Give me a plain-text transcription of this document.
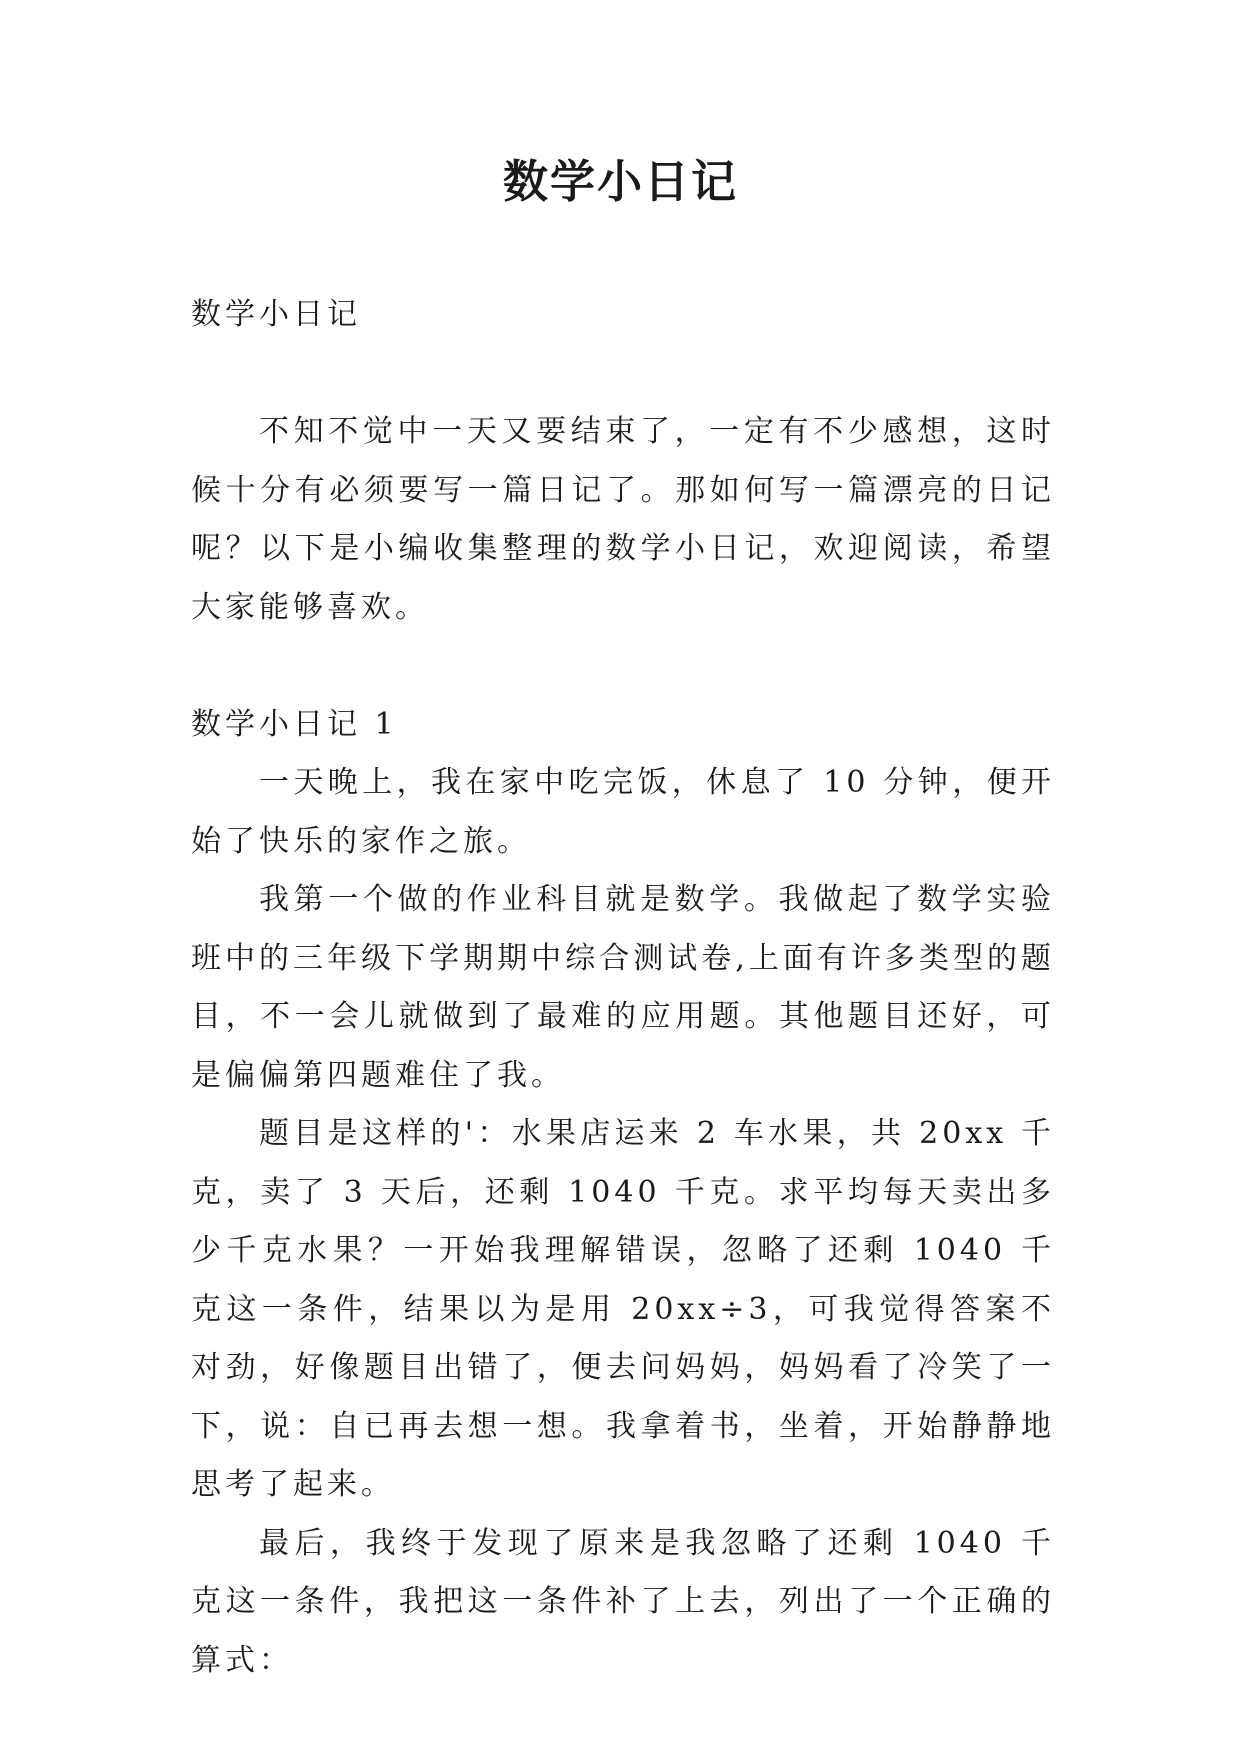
数学小日记

数学小日记

不知不觉中一天又要结束了，一定有不少感想，这时候十分有必须要写一篇日记了。那如何写一篇漂亮的日记呢？以下是小编收集整理的数学小日记，欢迎阅读，希望大家能够喜欢。

数学小日记 1

一天晚上，我在家中吃完饭，休息了 10 分钟，便开始了快乐的家作之旅。

我第一个做的作业科目就是数学。我做起了数学实验班中的三年级下学期期中综合测试卷,上面有许多类型的题目，不一会儿就做到了最难的应用题。其他题目还好，可是偏偏第四题难住了我。

题目是这样的'：水果店运来 2 车水果，共 20xx 千克，卖了 3 天后，还剩 1040 千克。求平均每天卖出多少千克水果？一开始我理解错误，忽略了还剩 1040 千克这一条件，结果以为是用 20xx÷3，可我觉得答案不对劲，好像题目出错了，便去问妈妈，妈妈看了冷笑了一下，说：自已再去想一想。我拿着书，坐着，开始静静地思考了起来。

最后，我终于发现了原来是我忽略了还剩 1040 千克这一条件，我把这一条件补了上去，列出了一个正确的算式：
